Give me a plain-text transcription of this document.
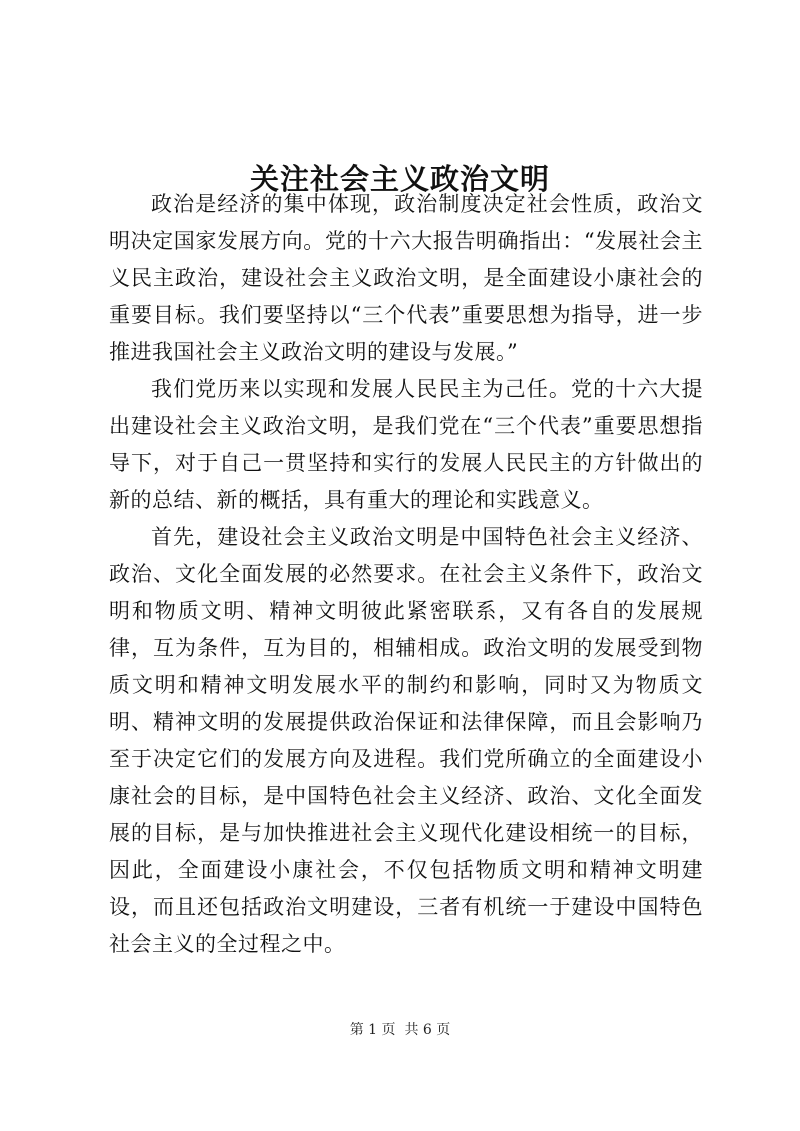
关注社会主义政治文明

政治是经济的集中体现，政治制度决定社会性质，政治文明决定国家发展方向。党的十六大报告明确指出：“发展社会主义民主政治，建设社会主义政治文明，是全面建设小康社会的重要目标。我们要坚持以“三个代表”重要思想为指导，进一步推进我国社会主义政治文明的建设与发展。”

我们党历来以实现和发展人民民主为己任。党的十六大提出建设社会主义政治文明，是我们党在“三个代表”重要思想指导下，对于自己一贯坚持和实行的发展人民民主的方针做出的新的总结、新的概括，具有重大的理论和实践意义。

首先，建设社会主义政治文明是中国特色社会主义经济、政治、文化全面发展的必然要求。在社会主义条件下，政治文明和物质文明、精神文明彼此紧密联系，又有各自的发展规律，互为条件，互为目的，相辅相成。政治文明的发展受到物质文明和精神文明发展水平的制约和影响，同时又为物质文明、精神文明的发展提供政治保证和法律保障，而且会影响乃至于决定它们的发展方向及进程。我们党所确立的全面建设小康社会的目标，是中国特色社会主义经济、政治、文化全面发展的目标，是与加快推进社会主义现代化建设相统一的目标，因此，全面建设小康社会，不仅包括物质文明和精神文明建设，而且还包括政治文明建设，三者有机统一于建设中国特色社会主义的全过程之中。

第 1 页  共 6 页
